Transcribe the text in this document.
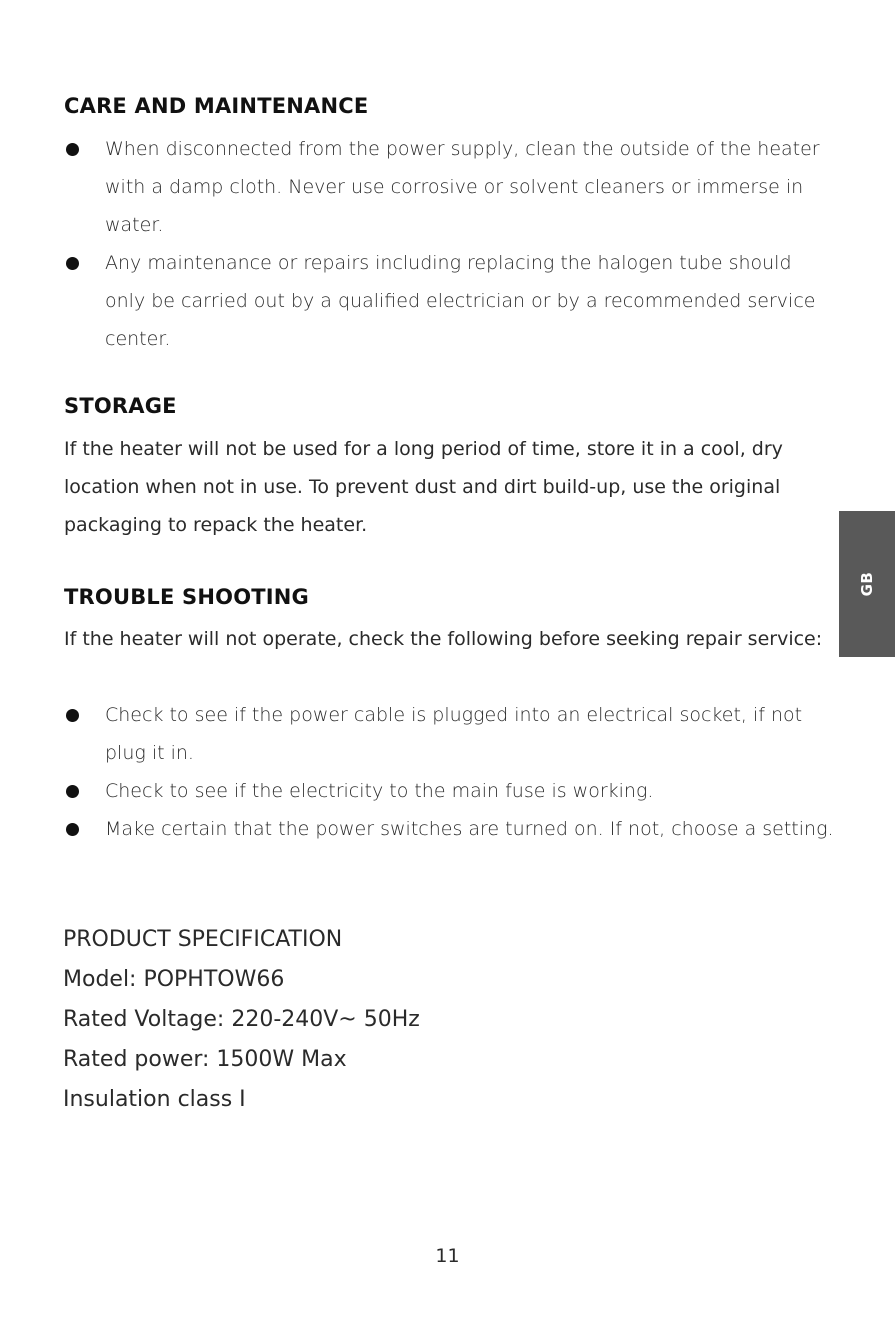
CARE AND MAINTENANCE
When disconnected from the power supply, clean the outside of the heater with a damp cloth. Never use corrosive or solvent cleaners or immerse in water.
Any maintenance or repairs including replacing the halogen tube should only be carried out by a qualified electrician or by a recommended service center.
STORAGE

If the heater will not be used for a long period of time, store it in a cool, dry location when not in use. To prevent dust and dirt build-up, use the original packaging to repack the heater.

TROUBLE SHOOTING

If the heater will not operate, check the following before seeking repair service:

Check to see if the power cable is plugged into an electrical socket, if not plug it in.
Check to see if the electricity to the main fuse is working.
Make certain that the power switches are turned on. If not, choose a setting.
PRODUCT SPECIFICATION
Model: POPHTOW66
Rated Voltage: 220-240V~ 50Hz
Rated power: 1500W Max
Insulation class I
GB
11
